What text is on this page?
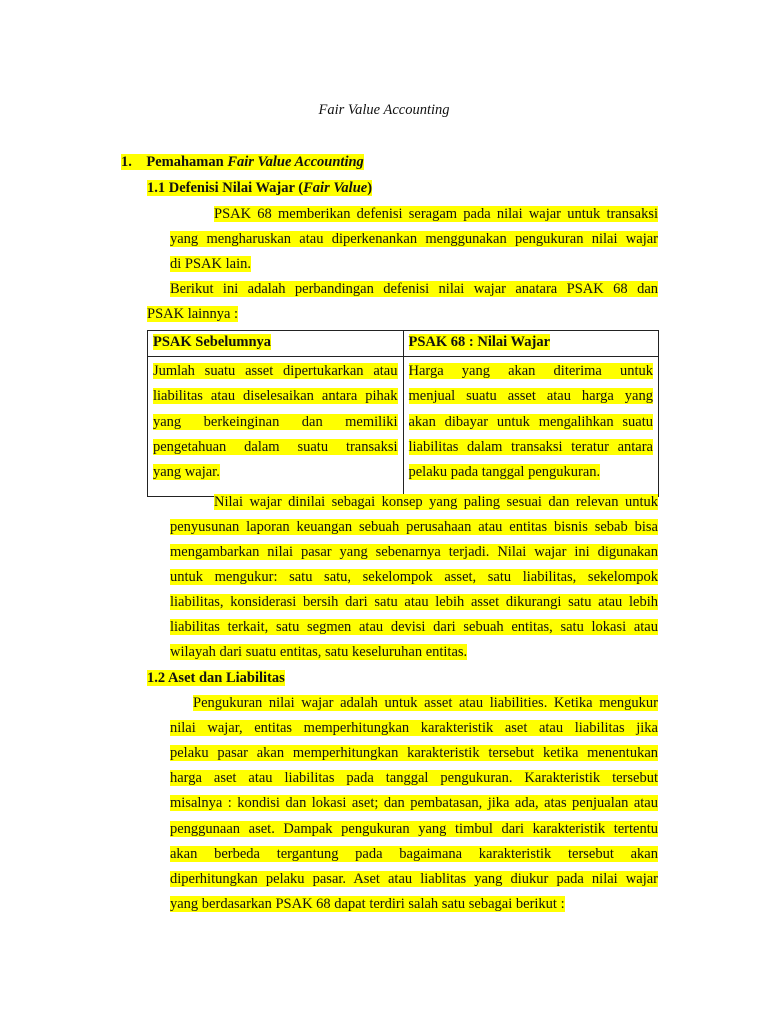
Fair Value Accounting
1. Pemahaman Fair Value Accounting
1.1 Defenisi Nilai Wajar (Fair Value)
PSAK 68 memberikan defenisi seragam pada nilai wajar untuk transaksi
yang mengharuskan atau diperkenankan menggunakan pengukuran nilai wajar
di PSAK lain.
Berikut ini adalah perbandingan defenisi nilai wajar anatara PSAK 68 dan
PSAK lainnya :
PSAK Sebelumnya	PSAK 68 : Nilai Wajar

Jumlah suatu asset dipertukarkan atau
liabilitas atau diselesaikan antara pihak
yang berkeinginan dan memiliki
pengetahuan dalam suatu transaksi
yang wajar.	Harga yang akan diterima untuk
menjual suatu asset atau harga yang
akan dibayar untuk mengalihkan suatu
liabilitas dalam transaksi teratur antara
pelaku pada tanggal pengukuran.
Nilai wajar dinilai sebagai konsep yang paling sesuai dan relevan untuk
penyusunan laporan keuangan sebuah perusahaan atau entitas bisnis sebab bisa
mengambarkan nilai pasar yang sebenarnya terjadi. Nilai wajar ini digunakan
untuk mengukur: satu satu, sekelompok asset, satu liabilitas, sekelompok
liabilitas, konsiderasi bersih dari satu atau lebih asset dikurangi satu atau lebih
liabilitas terkait, satu segmen atau devisi dari sebuah entitas, satu lokasi atau
wilayah dari suatu entitas, satu keseluruhan entitas.
1.2 Aset dan Liabilitas
Pengukuran nilai wajar adalah untuk asset atau liabilities. Ketika mengukur
nilai wajar, entitas memperhitungkan karakteristik aset atau liabilitas jika
pelaku pasar akan memperhitungkan karakteristik tersebut ketika menentukan
harga aset atau liabilitas pada tanggal pengukuran. Karakteristik tersebut
misalnya : kondisi dan lokasi aset; dan pembatasan, jika ada, atas penjualan atau
penggunaan aset. Dampak pengukuran yang timbul dari karakteristik tertentu
akan berbeda tergantung pada bagaimana karakteristik tersebut akan
diperhitungkan pelaku pasar. Aset atau liablitas yang diukur pada nilai wajar
yang berdasarkan PSAK 68 dapat terdiri salah satu sebagai berikut :
